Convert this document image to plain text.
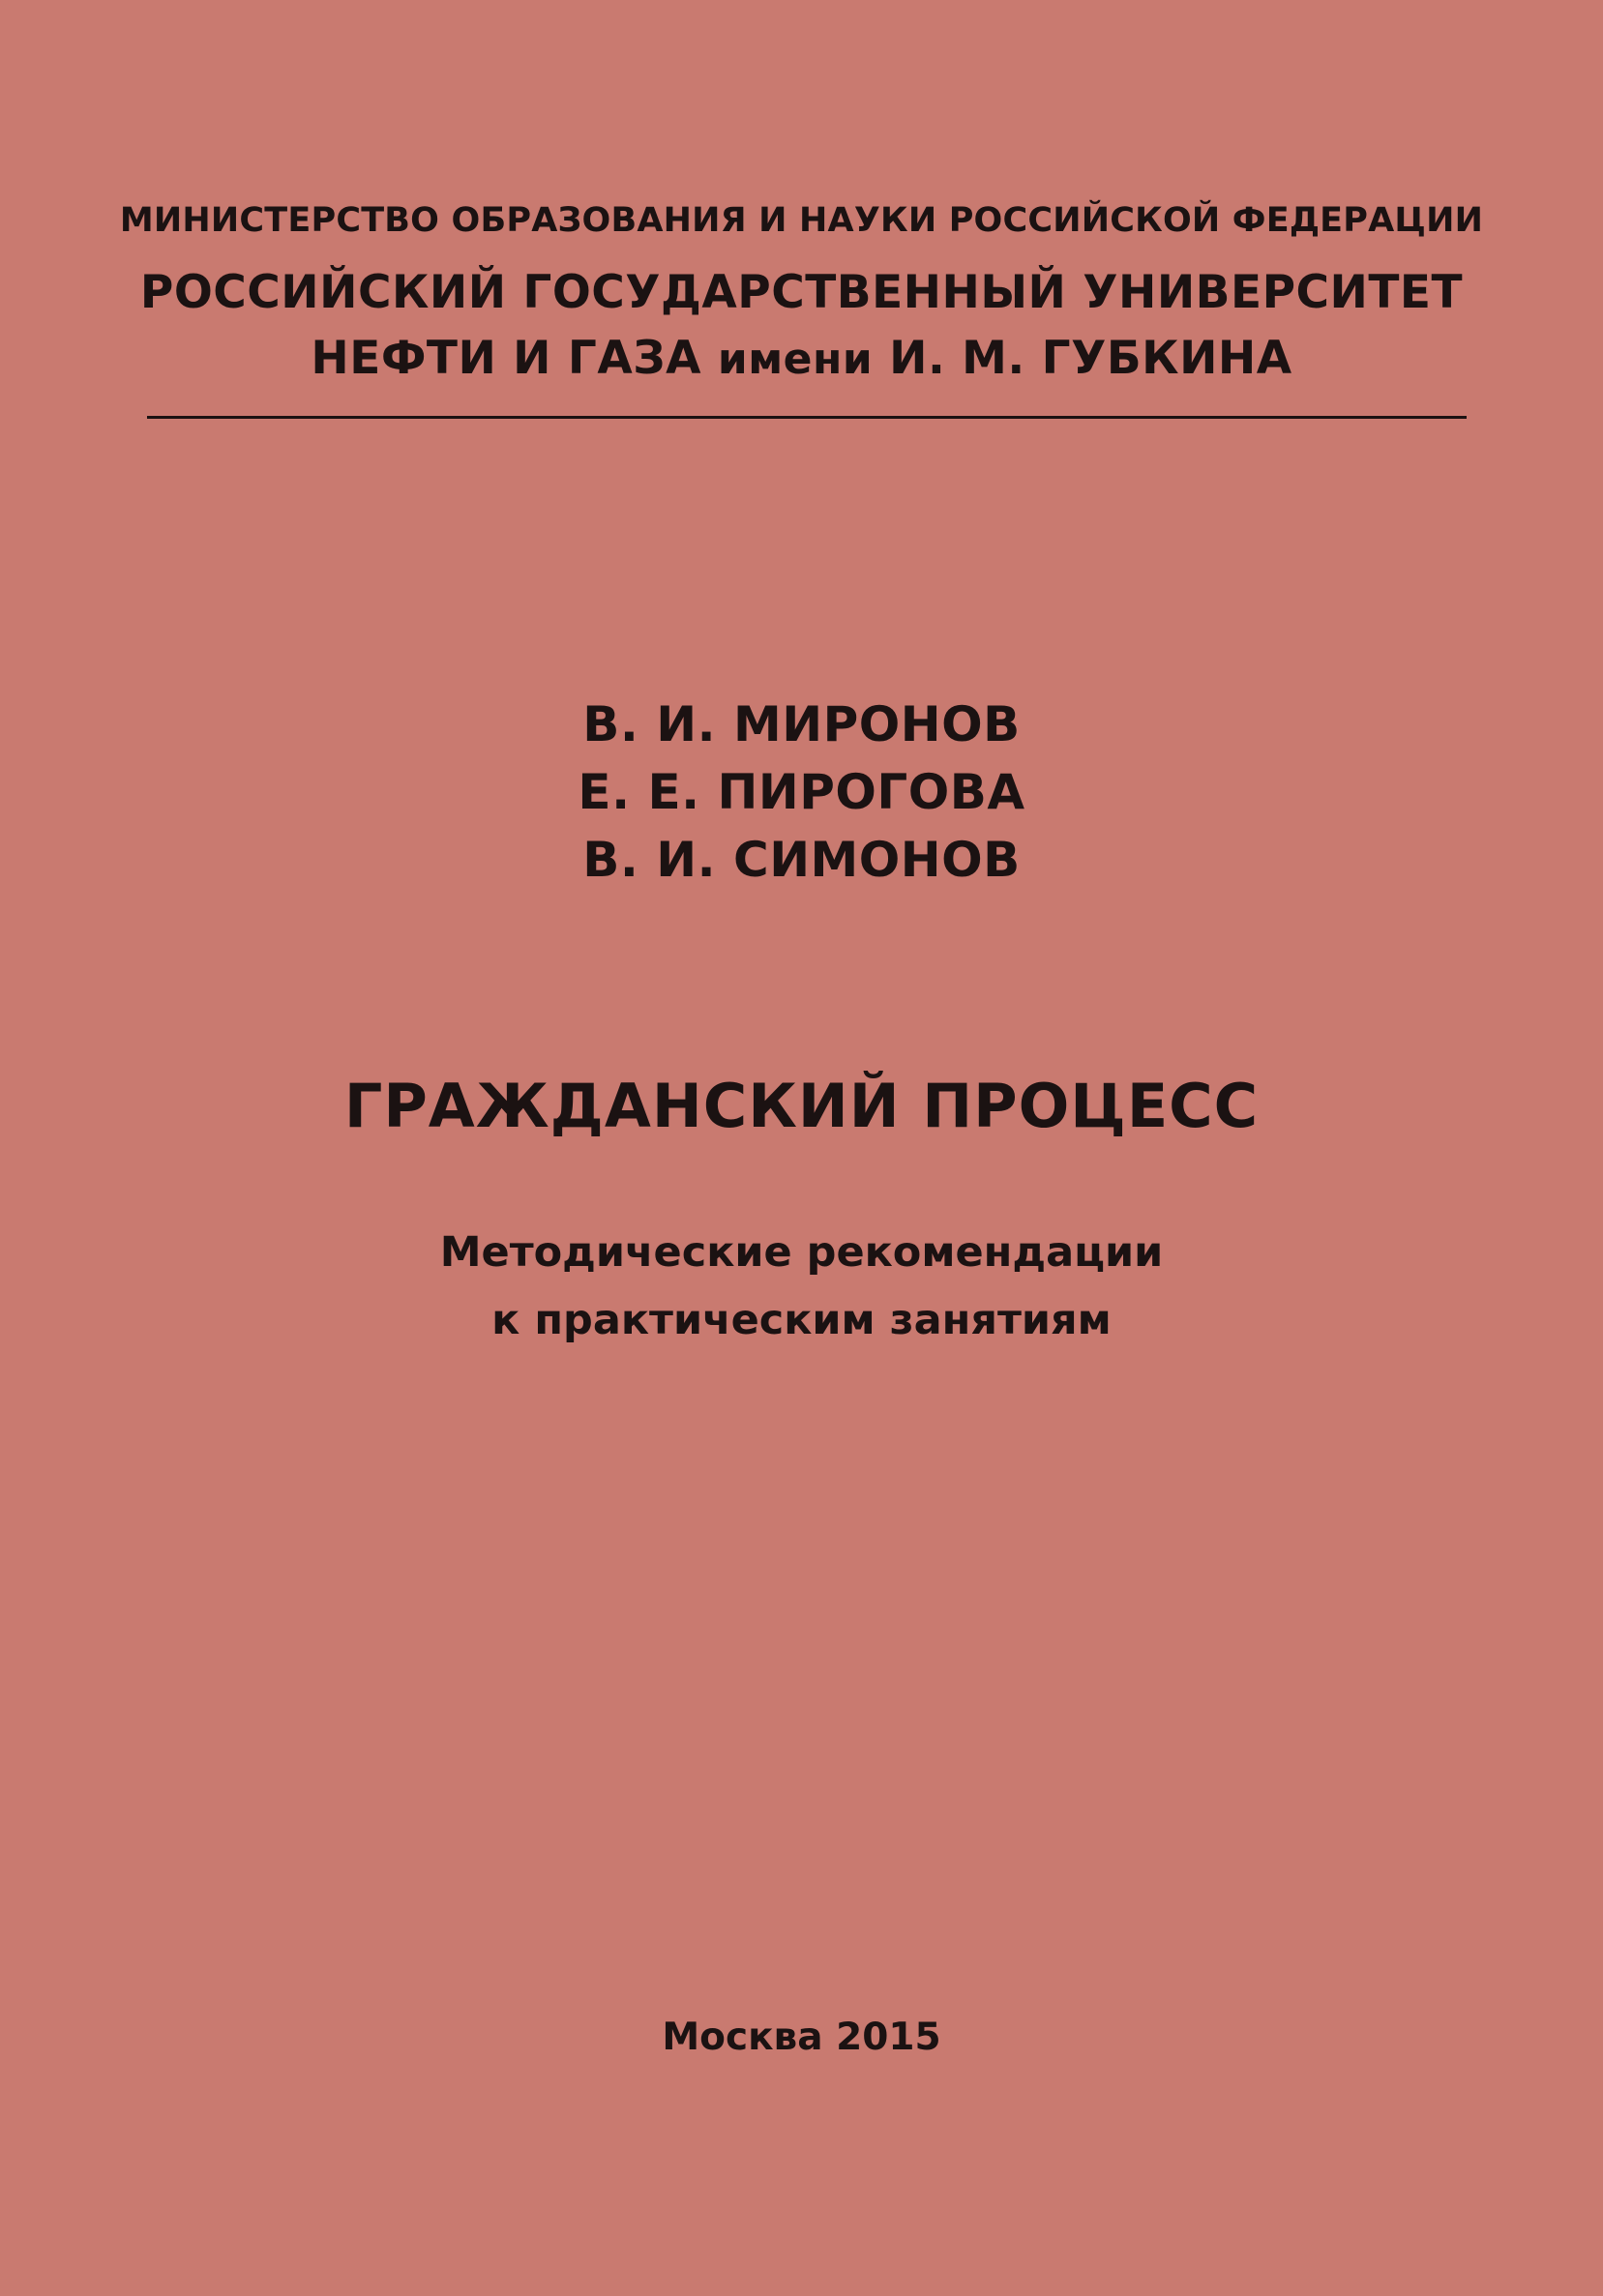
МИНИСТЕРСТВО ОБРАЗОВАНИЯ И НАУКИ РОССИЙСКОЙ ФЕДЕРАЦИИ
РОССИЙСКИЙ ГОСУДАРСТВЕННЫЙ УНИВЕРСИТЕТ
НЕФТИ И ГАЗА имени И. М. ГУБКИНА
В. И. МИРОНОВ
Е. Е. ПИРОГОВА
В. И. СИМОНОВ
ГРАЖДАНСКИЙ ПРОЦЕСС
Методические рекомендации
к практическим занятиям
Москва 2015
